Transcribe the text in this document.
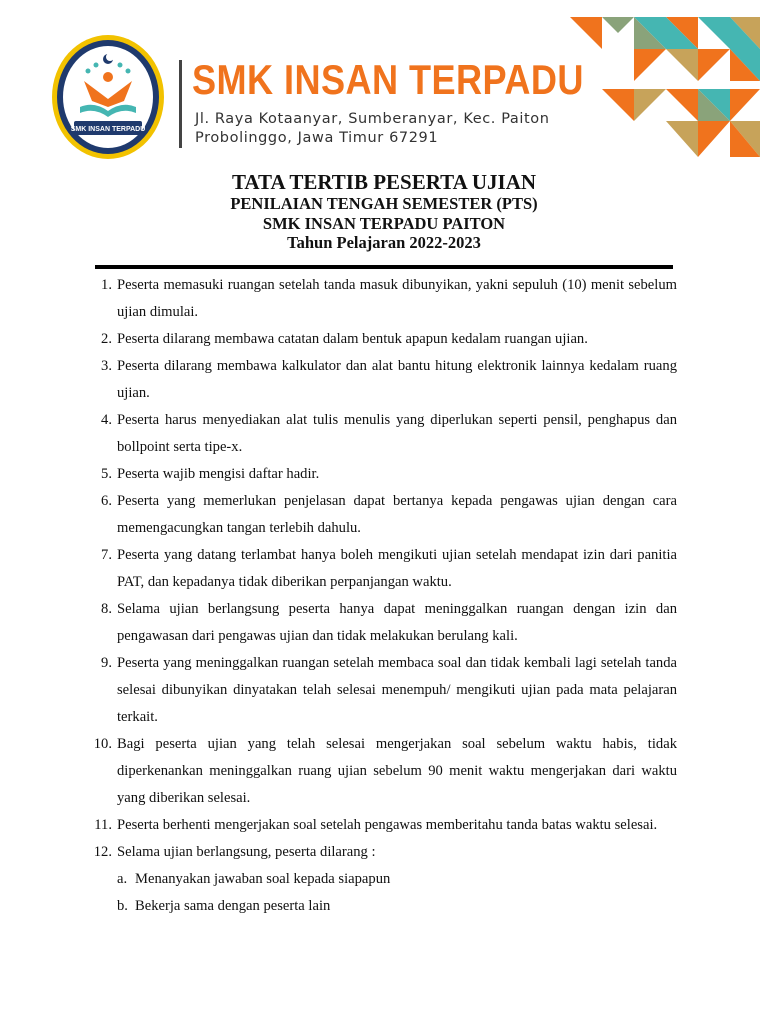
SMK INSAN TERPADU
SMK INSAN TERPADU

Jl. Raya Kotaanyar, Sumberanyar, Kec. Paiton

Probolinggo, Jawa Timur 67291

TATA TERTIB PESERTA UJIAN

PENILAIAN TENGAH SEMESTER (PTS)

SMK INSAN TERPADU PAITON

Tahun Pelajaran 2022-2023

1. Peserta memasuki ruangan setelah tanda masuk dibunyikan, yakni sepuluh (10) menit sebelum ujian dimulai.
2. Peserta dilarang membawa catatan dalam bentuk apapun kedalam ruangan ujian.
3. Peserta dilarang membawa kalkulator dan alat bantu hitung elektronik lainnya kedalam ruang ujian.
4. Peserta harus menyediakan alat tulis menulis yang diperlukan seperti pensil, penghapus dan bollpoint serta tipe-x.
5. Peserta wajib mengisi daftar hadir.
6. Peserta yang memerlukan penjelasan dapat bertanya kepada pengawas ujian dengan cara memengacungkan tangan terlebih dahulu.
7. Peserta yang datang terlambat hanya boleh mengikuti ujian setelah mendapat izin dari panitia PAT, dan kepadanya tidak diberikan perpanjangan waktu.
8. Selama ujian berlangsung peserta hanya dapat meninggalkan ruangan dengan izin dan pengawasan dari pengawas ujian dan tidak melakukan berulang kali.
9. Peserta yang meninggalkan ruangan setelah membaca soal dan tidak kembali lagi setelah tanda selesai dibunyikan dinyatakan telah selesai menempuh/ mengikuti ujian pada mata pelajaran terkait.
10. Bagi peserta ujian yang telah selesai mengerjakan soal sebelum waktu habis, tidak diperkenankan meninggalkan ruang ujian sebelum 90 menit waktu mengerjakan dari waktu yang diberikan selesai.
11. Peserta berhenti mengerjakan soal setelah pengawas memberitahu tanda batas waktu selesai.
12. Selama ujian berlangsung, peserta dilarang :
a. Menanyakan jawaban soal kepada siapapun
b. Bekerja sama dengan peserta lain
